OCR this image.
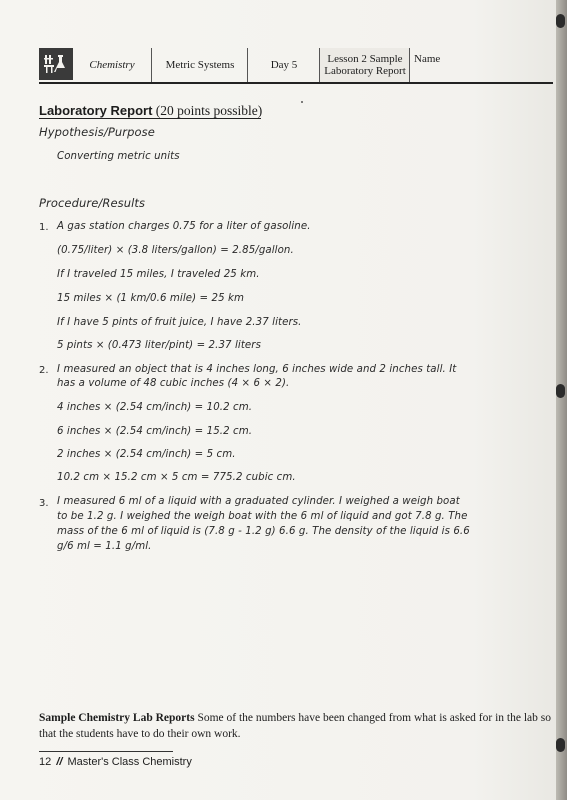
Chemistry	Metric Systems	Day 5
Lesson 2 Sample
Laboratory Report
Name
Laboratory Report (20 points possible)
Hypothesis/Purpose
Converting metric units
Procedure/Results
1. A gas station charges 0.75 for a liter of gasoline.
(0.75/liter) × (3.8 liters/gallon) = 2.85/gallon.
If I traveled 15 miles, I traveled 25 km.
15 miles × (1 km/0.6 mile) = 25 km
If I have 5 pints of fruit juice, I have 2.37 liters.
5 pints × (0.473 liter/pint) = 2.37 liters
2. I measured an object that is 4 inches long, 6 inches wide and 2 inches tall. It
has a volume of 48 cubic inches (4 × 6 × 2).
4 inches × (2.54 cm/inch) = 10.2 cm.
6 inches × (2.54 cm/inch) = 15.2 cm.
2 inches × (2.54 cm/inch) = 5 cm.
10.2 cm × 15.2 cm × 5 cm = 775.2 cubic cm.
3. I measured 6 ml of a liquid with a graduated cylinder. I weighed a weigh boat
to be 1.2 g. I weighed the weigh boat with the 6 ml of liquid and got 7.8 g. The
mass of the 6 ml of liquid is (7.8 g - 1.2 g) 6.6 g. The density of the liquid is 6.6
g/6 ml = 1.1 g/ml.
Sample Chemistry Lab Reports Some of the numbers have been changed from what is asked for in the lab so that the students have to do their own work.
12 // Master's Class Chemistry
